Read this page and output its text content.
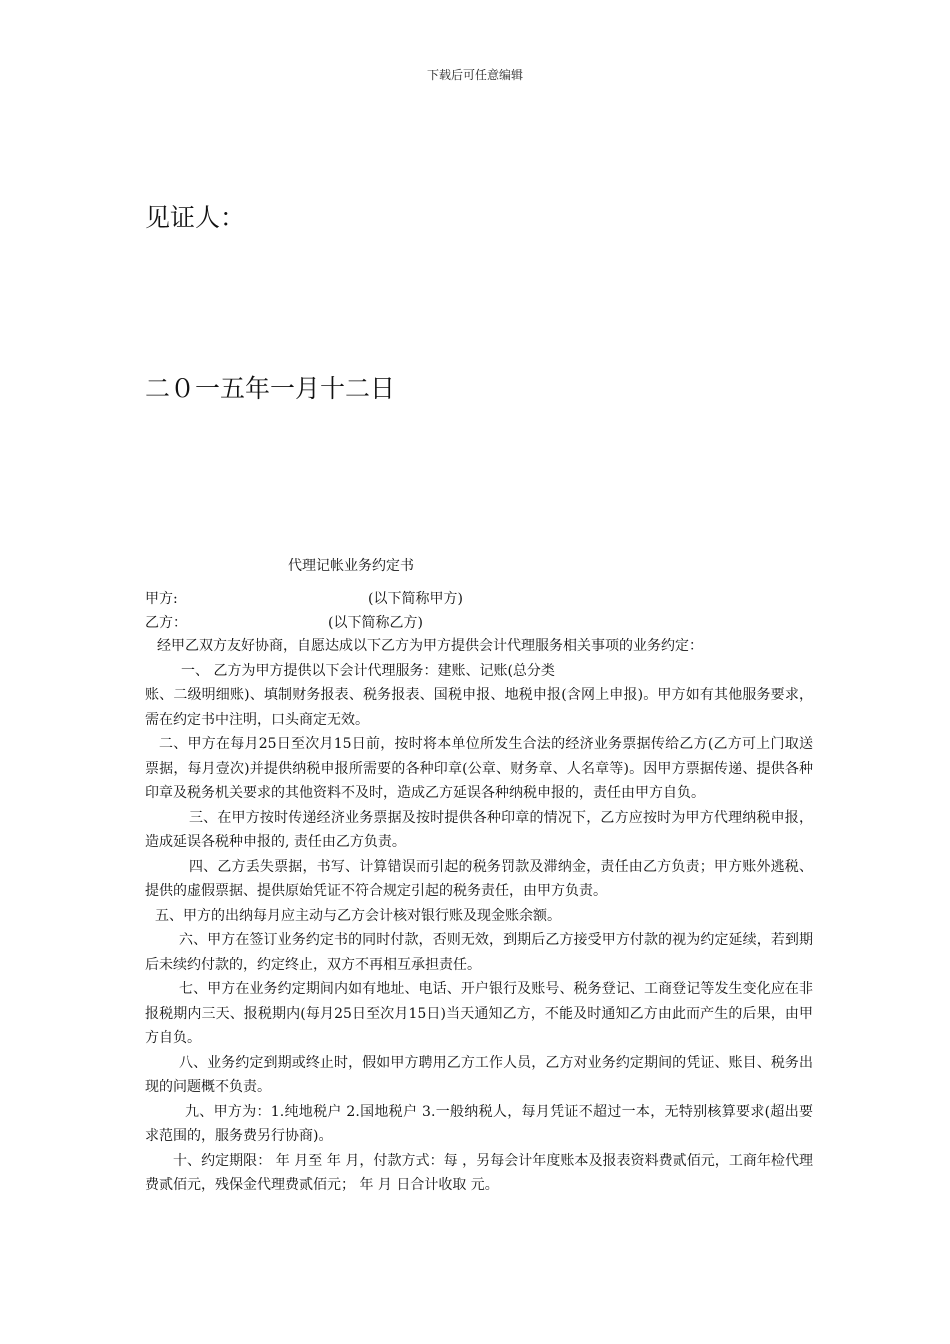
下载后可任意编辑
见证人：
二０一五年一月十二日
代理记帐业务约定书
甲方:	(以下简称甲方)
乙方：	(以下简称乙方)

经甲乙双方友好协商，自愿达成以下乙方为甲方提供会计代理服务相关事项的业务约定：

一、 乙方为甲方提供以下会计代理服务：建账、记账(总分类

账、二级明细账)、填制财务报表、税务报表、国税申报、地税申报(含网上申报)。甲方如有其他服务要求，需在约定书中注明，口头商定无效。

二、甲方在每月25日至次月15日前，按时将本单位所发生合法的经济业务票据传给乙方(乙方可上门取送票据，每月壹次)并提供纳税申报所需要的各种印章(公章、财务章、人名章等)。因甲方票据传递、提供各种印章及税务机关要求的其他资料不及时，造成乙方延误各种纳税申报的，责任由甲方自负。

三、在甲方按时传递经济业务票据及按时提供各种印章的情况下，乙方应按时为甲方代理纳税申报，造成延误各税种申报的, 责任由乙方负责。

四、乙方丢失票据，书写、计算错误而引起的税务罚款及滞纳金，责任由乙方负责；甲方账外逃税、提供的虚假票据、提供原始凭证不符合规定引起的税务责任，由甲方负责。

五、甲方的出纳每月应主动与乙方会计核对银行账及现金账余额。

六、甲方在签订业务约定书的同时付款，否则无效，到期后乙方接受甲方付款的视为约定延续，若到期后未续约付款的，约定终止，双方不再相互承担责任。

七、甲方在业务约定期间内如有地址、电话、开户银行及账号、税务登记、工商登记等发生变化应在非报税期内三天、报税期内(每月25日至次月15日)当天通知乙方，不能及时通知乙方由此而产生的后果，由甲方自负。

八、业务约定到期或终止时，假如甲方聘用乙方工作人员，乙方对业务约定期间的凭证、账目、税务出现的问题概不负责。

九、甲方为：1.纯地税户 2.国地税户 3.一般纳税人，每月凭证不超过一本，无特别核算要求(超出要求范围的，服务费另行协商)。

十、约定期限： 年 月至 年 月，付款方式：每 ，另每会计年度账本及报表资料费贰佰元，工商年检代理费贰佰元，残保金代理费贰佰元； 年 月 日合计收取 元。
